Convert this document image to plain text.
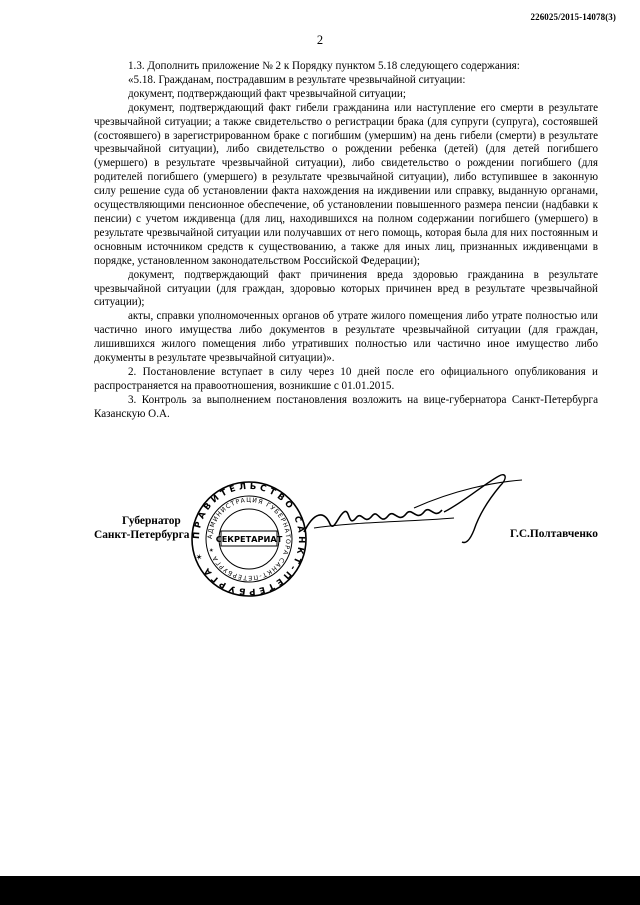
226025/2015-14078(3)
2

1.3. Дополнить приложение № 2 к Порядку пунктом 5.18 следующего содержания:

«5.18. Гражданам, пострадавшим в результате чрезвычайной ситуации:

документ, подтверждающий факт чрезвычайной ситуации;

документ, подтверждающий факт гибели гражданина или наступление его смерти в результате чрезвычайной ситуации; а также свидетельство о регистрации брака (для супруги (супруга), состоявшей (состоявшего) в зарегистрированном браке с погибшим (умершим) на день гибели (смерти) в результате чрезвычайной ситуации), либо свидетельство о рождении ребенка (детей) (для детей погибшего (умершего) в результате чрезвычайной ситуации), либо свидетельство о рождении погибшего (для родителей погибшего (умершего) в результате чрезвычайной ситуации), либо вступившее в законную силу решение суда об установлении факта нахождения на иждивении или справку, выданную органами, осуществляющими пенсионное обеспечение, об установлении повышенного размера пенсии (надбавки к пенсии) с учетом иждивенца (для лиц, находившихся на полном содержании погибшего (умершего) в результате чрезвычайной ситуации или получавших от него помощь, которая была для них постоянным и основным источником средств к существованию, а также для иных лиц, признанных иждивенцами в порядке, установленном законодательством Российской Федерации);

документ, подтверждающий факт причинения вреда здоровью гражданина в результате чрезвычайной ситуации (для граждан, здоровью которых причинен вред в результате чрезвычайной ситуации);

акты, справки уполномоченных органов об утрате жилого помещения либо утрате полностью или частично иного имущества либо документов в результате чрезвычайной ситуации (для граждан, лишившихся жилого помещения либо утративших полностью или частично иное имущество либо документы в результате чрезвычайной ситуации)».

2. Постановление вступает в силу через 10 дней после его официального опубликования и распространяется на правоотношения, возникшие с 01.01.2015.

3. Контроль за выполнением постановления возложить на вице-губернатора Санкт-Петербурга Казанскую О.А.

Губернатор
Санкт-Петербурга ПРАВИТЕЛЬСТВО САНКТ-ПЕТЕРБУРГА ✶
АДМИНИСТРАЦИЯ ГУБЕРНАТОРА САНКТ-ПЕТЕРБУРГА ✶
СЕКРЕТАРИАТ	Г.С.Полтавченко
